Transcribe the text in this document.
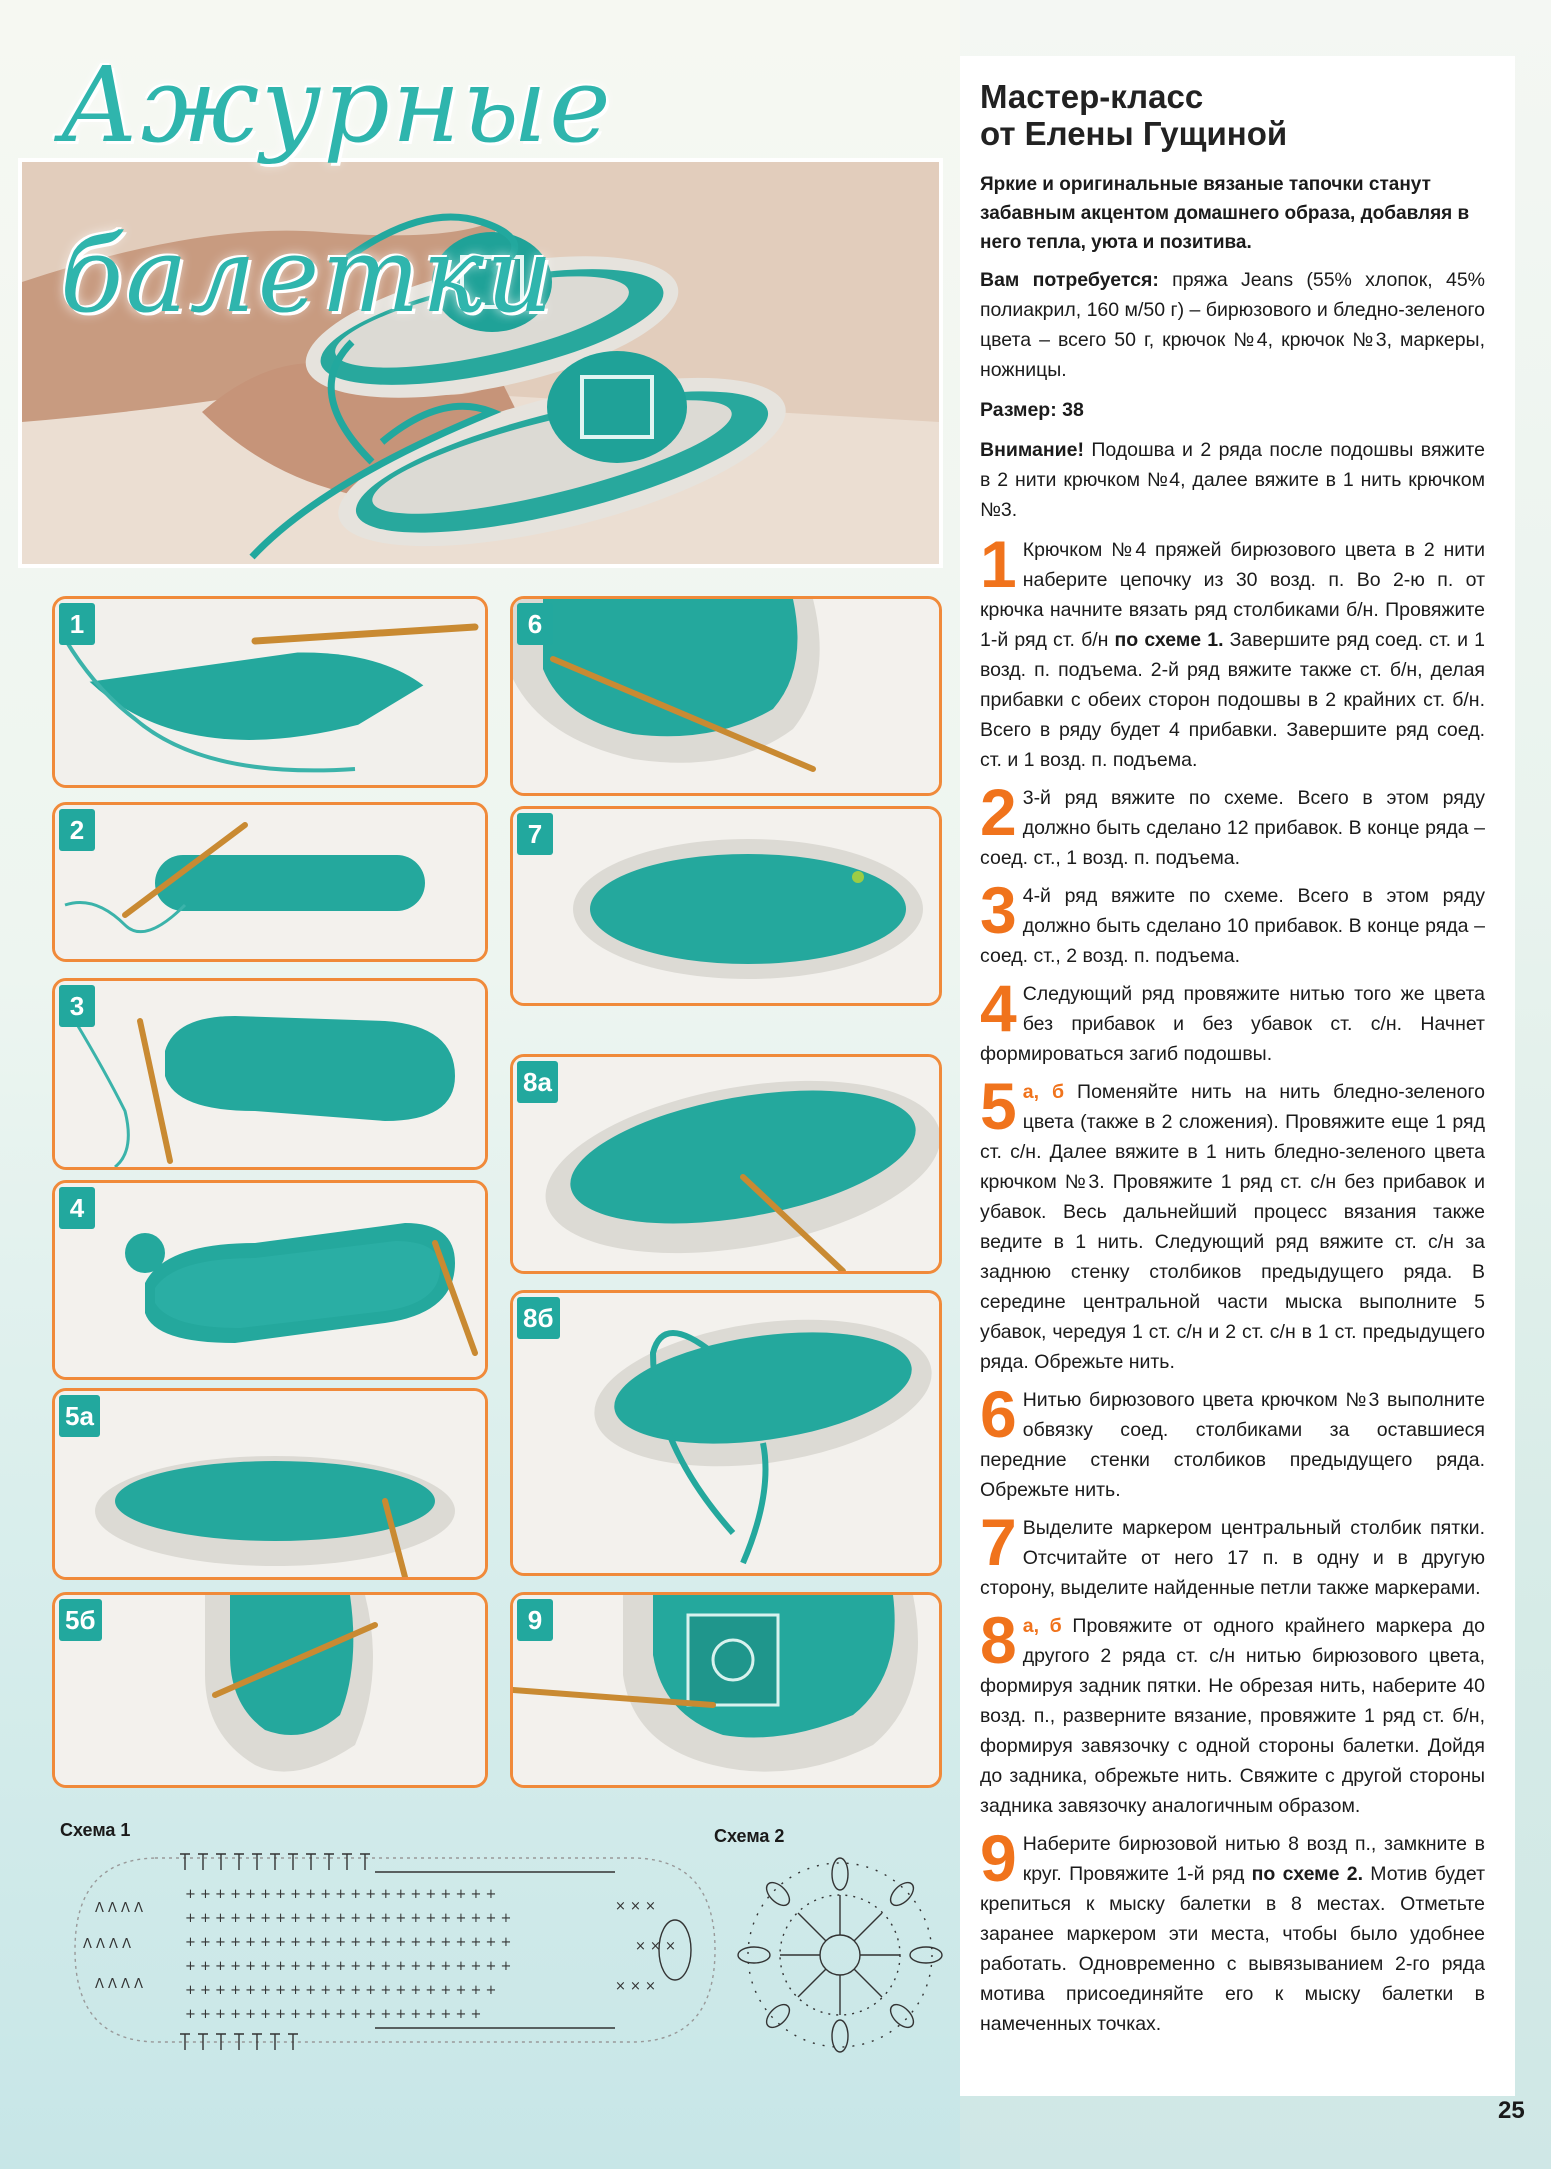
Ажурные балетки
1
2
3
4
5а
5б
6
7
8а
8б
9
Схема 1	Схема 2
+ + + + + + + + + + + + + + + + + + + + +
+ + + + + + + + + + + + + + + + + + + + + +
+ + + + + + + + + + + + + + + + + + + + + +
+ + + + + + + + + + + + + + + + + + + + + +
+ + + + + + + + + + + + + + + + + + + + +
+ + + + + + + + + + + + + + + + + + + +
Λ Λ Λ Λ
Λ Λ Λ Λ
Λ Λ Λ Λ
× × ×
× × ×
× × ×
Мастер-класс
от Елены Гущиной

Яркие и оригинальные вязаные тапочки станут забавным акцентом домашнего образа, добавляя в него тепла, уюта и позитива.

Вам потребуется: пряжа Jeans (55% хлопок, 45% полиакрил, 160 м/50 г) – бирюзового и бледно-зеленого цвета – всего 50 г, крючок №4, крючок №3, маркеры, ножницы.

Размер: 38

Внимание! Подошва и 2 ряда после подошвы вяжите в 2 нити крючком №4, далее вяжите в 1 нить крючком №3.

1 Крючком №4 пряжей бирюзового цвета в 2 нити наберите цепочку из 30 возд. п. Во 2-ю п. от крючка начните вязать ряд столбиками б/н. Провяжите 1-й ряд ст. б/н по схеме 1. Завершите ряд соед. ст. и 1 возд. п. подъема. 2-й ряд вяжите также ст. б/н, делая прибавки с обеих сторон подошвы в 2 крайних ст. б/н. Всего в ряду будет 4 прибавки. Завершите ряд соед. ст. и 1 возд. п. подъема.
2 3-й ряд вяжите по схеме. Всего в этом ряду должно быть сделано 12 прибавок. В конце ряда – соед. ст., 1 возд. п. подъема.
3 4-й ряд вяжите по схеме. Всего в этом ряду должно быть сделано 10 прибавок. В конце ряда – соед. ст., 2 возд. п. подъема.
4 Следующий ряд провяжите нитью того же цвета без прибавок и без убавок ст. с/н. Начнет формироваться загиб подошвы.
5 а, б Поменяйте нить на нить бледно-зеленого цвета (также в 2 сложения). Провяжите еще 1 ряд ст. с/н. Далее вяжите в 1 нить бледно-зеленого цвета крючком №3. Провяжите 1 ряд ст. с/н без прибавок и убавок. Весь дальнейший процесс вязания также ведите в 1 нить. Следующий ряд вяжите ст. с/н за заднюю стенку столбиков предыдущего ряда. В середине центральной части мыска выполните 5 убавок, чередуя 1 ст. с/н и 2 ст. с/н в 1 ст. предыдущего ряда. Обрежьте нить.
6 Нитью бирюзового цвета крючком №3 выполните обвязку соед. столбиками за оставшиеся передние стенки столбиков предыдущего ряда. Обрежьте нить.
7 Выделите маркером центральный столбик пятки. Отсчитайте от него 17 п. в одну и в другую сторону, выделите найденные петли также маркерами.
8 а, б Провяжите от одного крайнего маркера до другого 2 ряда ст. с/н нитью бирюзового цвета, формируя задник пятки. Не обрезая нить, наберите 40 возд. п., разверните вязание, провяжите 1 ряд ст. б/н, формируя завязочку с одной стороны балетки. Дойдя до задника, обрежьте нить. Свяжите с другой стороны задника завязочку аналогичным образом.
9 Наберите бирюзовой нитью 8 возд п., замкните в круг. Провяжите 1-й ряд по схеме 2. Мотив будет крепиться к мыску балетки в 8 местах. Отметьте заранее маркером эти места, чтобы было удобнее работать. Одновременно с вывязыванием 2-го ряда мотива присоединяйте его к мыску балетки в намеченных точках.
25
